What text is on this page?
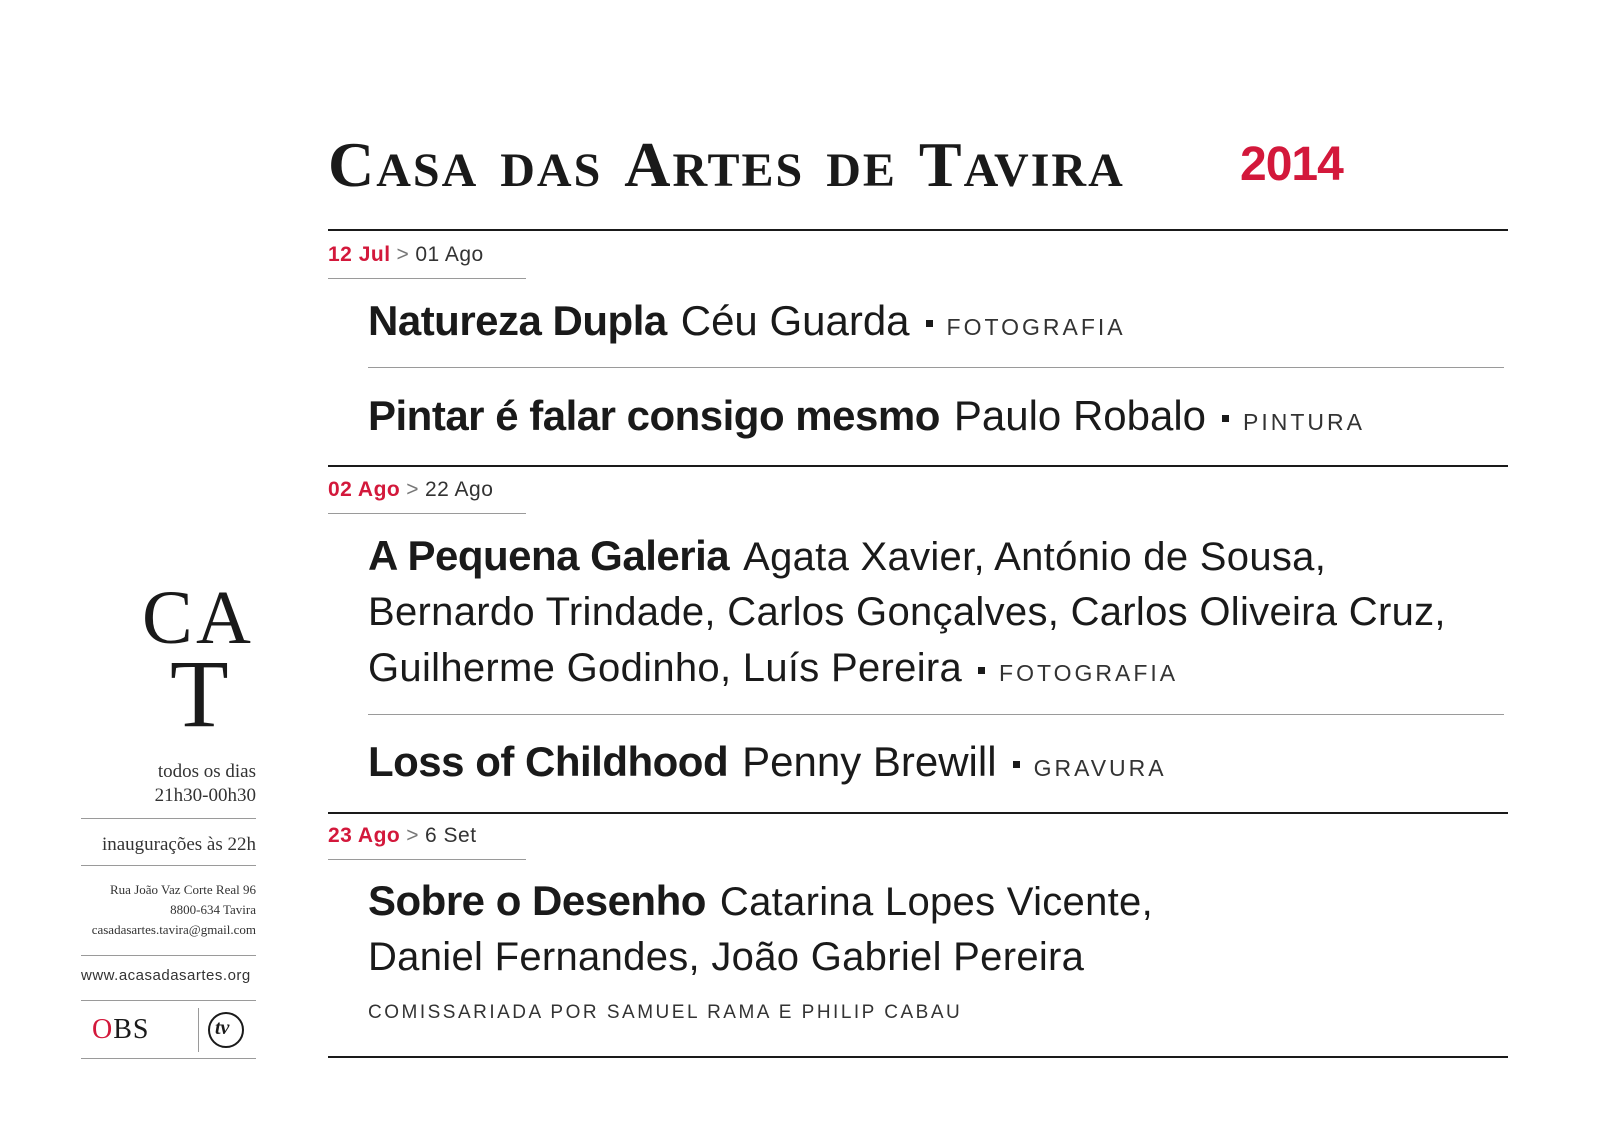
CASA DAS ARTES DE TAVIRA	2014
12 Jul > 01 Ago
Natureza Dupla Céu Guarda FOTOGRAFIA
Pintar é falar consigo mesmo Paulo Robalo PINTURA
02 Ago > 22 Ago
A Pequena Galeria Agata Xavier, António de Sousa,
Bernardo Trindade, Carlos Gonçalves, Carlos Oliveira Cruz,
Guilherme Godinho, Luís Pereira FOTOGRAFIA
Loss of Childhood Penny Brewill GRAVURA
23 Ago > 6 Set
Sobre o Desenho Catarina Lopes Vicente,
Daniel Fernandes, João Gabriel Pereira
COMISSARIADA POR SAMUEL RAMA E PHILIP CABAU
C A
T
todos os dias
21h30-00h30
inaugurações às 22h
Rua João Vaz Corte Real 96
8800-634 Tavira
casadasartes.tavira@gmail.com
www.acasadasartes.org
OBS	tv
